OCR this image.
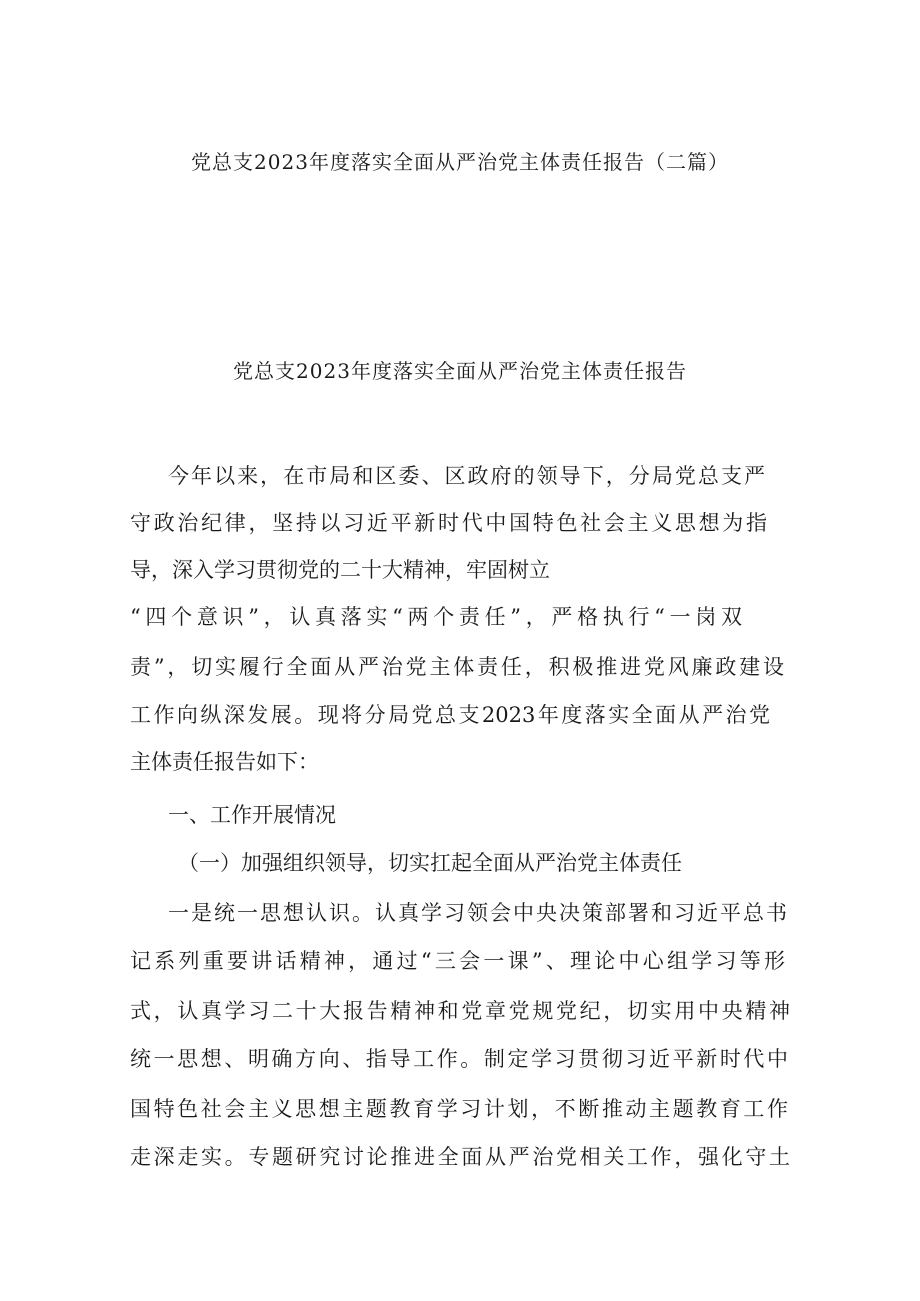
党总支2023年度落实全面从严治党主体责任报告（二篇）
党总支2023年度落实全面从严治党主体责任报告
今年以来，在市局和区委、区政府的领导下，分局党总支严
守政治纪律，坚持以习近平新时代中国特色社会主义思想为指
导，深入学习贯彻党的二十大精神，牢固树立
“四个意识”，认真落实“两个责任”，严格执行“一岗双
责”，切实履行全面从严治党主体责任，积极推进党风廉政建设
工作向纵深发展。现将分局党总支2023年度落实全面从严治党
主体责任报告如下：
一、工作开展情况
（一）加强组织领导，切实扛起全面从严治党主体责任
一是统一思想认识。认真学习领会中央决策部署和习近平总书
记系列重要讲话精神，通过“三会一课”、理论中心组学习等形
式，认真学习二十大报告精神和党章党规党纪，切实用中央精神
统一思想、明确方向、指导工作。制定学习贯彻习近平新时代中
国特色社会主义思想主题教育学习计划，不断推动主题教育工作
走深走实。专题研究讨论推进全面从严治党相关工作，强化守土
